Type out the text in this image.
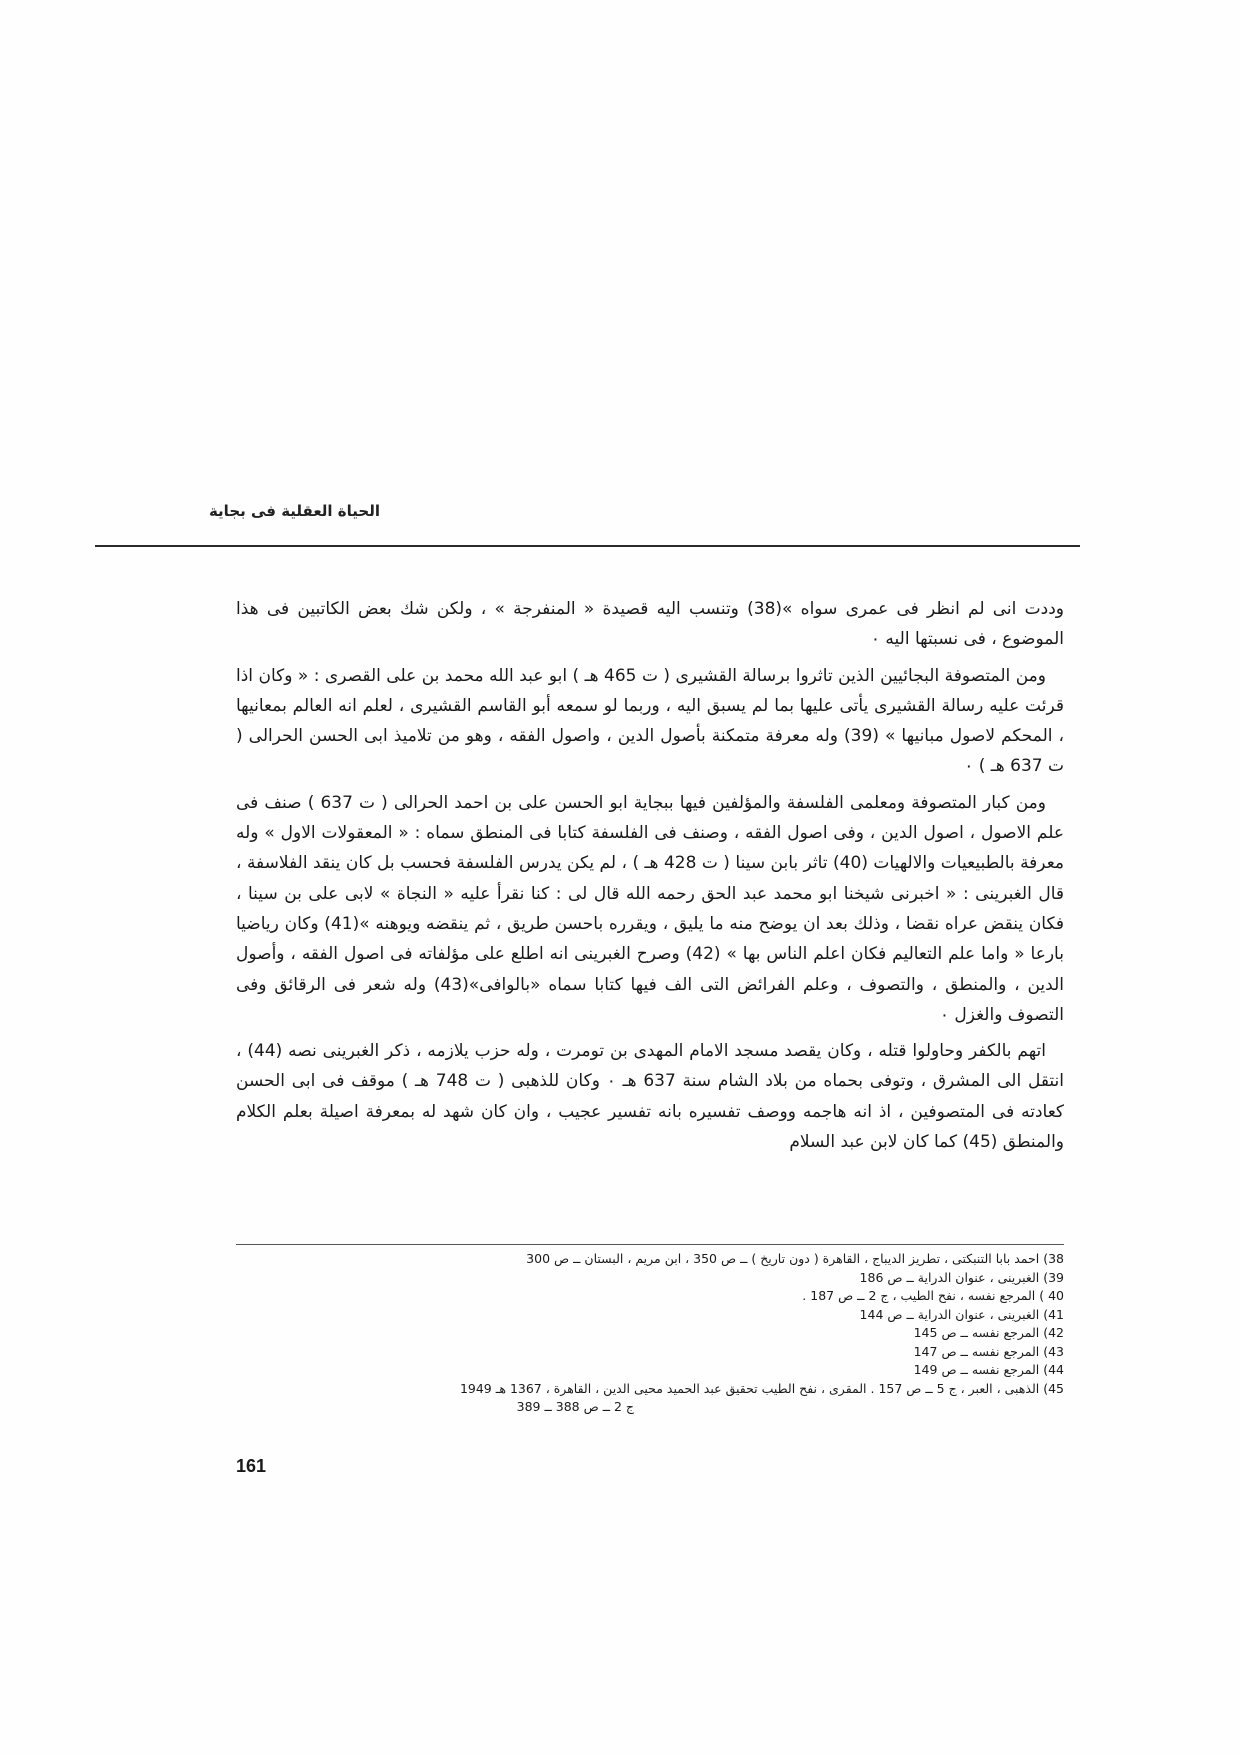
الحياة العقلية فى بجاية

وددت انى لم انظر فى عمرى سواه »(38) وتنسب اليه قصيدة « المنفرجة » ، ولكن شك بعض الكاتبين فى هذا الموضوع ، فى نسبتها اليه ٠

ومن المتصوفة البجائيين الذين تاثروا برسالة القشيرى ( ت 465 هـ ) ابو عبد الله محمد بن على القصرى : « وكان اذا قرئت عليه رسالة القشيرى يأتى عليها بما لم يسبق اليه ، وربما لو سمعه أبو القاسم القشيرى ، لعلم انه العالم بمعانيها ، المحكم لاصول مبانيها » (39) وله معرفة متمكنة بأصول الدين ، واصول الفقه ، وهو من تلاميذ ابى الحسن الحرالى ( ت 637 هـ ) ٠

ومن كبار المتصوفة ومعلمى الفلسفة والمؤلفين فيها ببجاية ابو الحسن على بن احمد الحرالى ( ت 637 ) صنف فى علم الاصول ، اصول الدين ، وفى اصول الفقه ، وصنف فى الفلسفة كتابا فى المنطق سماه : « المعقولات الاول » وله معرفة بالطبيعيات والالهيات (40) تاثر بابن سينا ( ت 428 هـ ) ، لم يكن يدرس الفلسفة فحسب بل كان ينقد الفلاسفة ، قال الغبرينى : « اخبرنى شيخنا ابو محمد عبد الحق رحمه الله قال لى : كنا نقرأ عليه « النجاة » لابى على بن سينا ، فكان ينقض عراه نقضا ، وذلك بعد ان يوضح منه ما يليق ، ويقرره باحسن طريق ، ثم ينقضه ويوهنه »(41) وكان رياضيا بارعا « واما علم التعاليم فكان اعلم الناس بها » (42) وصرح الغبرينى انه اطلع على مؤلفاته فى اصول الفقه ، وأصول الدين ، والمنطق ، والتصوف ، وعلم الفرائض التى الف فيها كتابا سماه «بالوافى»(43) وله شعر فى الرقائق وفى التصوف والغزل ٠

اتهم بالكفر وحاولوا قتله ، وكان يقصد مسجد الامام المهدى بن تومرت ، وله حزب يلازمه ، ذكر الغبرينى نصه (44) ، انتقل الى المشرق ، وتوفى بحماه من بلاد الشام سنة 637 هـ ٠ وكان للذهبى ( ت 748 هـ ) موقف فى ابى الحسن كعادته فى المتصوفين ، اذ انه هاجمه ووصف تفسيره بانه تفسير عجيب ، وان كان شهد له بمعرفة اصيلة بعلم الكلام والمنطق (45) كما كان لابن عبد السلام

38) احمد بابا التنبكتى ، تطريز الديباج ، القاهرة ( دون تاريخ ) ــ ص 350 ، ابن مريم ، البستان ــ ص 300
39) الغبرينى ، عنوان الدراية ــ ص 186
40 ) المرجع نفسه ، نفح الطيب ، ج 2 ــ ص 187 .
41) الغبرينى ، عنوان الدراية ــ ص 144
42) المرجع نفسه ــ ص 145
43) المرجع نفسه ــ ص 147
44) المرجع نفسه ــ ص 149
45) الذهبى ، العبر ، ج 5 ــ ص 157 . المقرى ، نفح الطيب تحقيق عبد الحميد محيى الدين ، القاهرة ، 1367 هـ 1949
ج 2 ــ ص 388 ــ 389
161
